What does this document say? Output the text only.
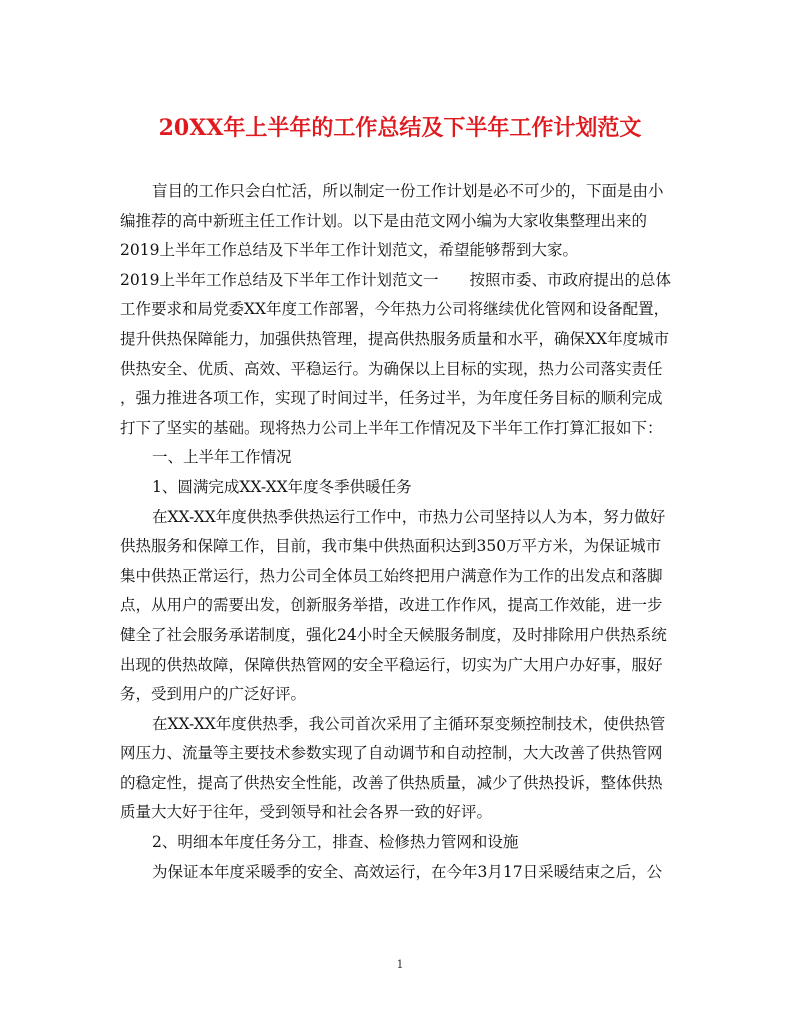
20XX年上半年的工作总结及下半年工作计划范文
盲目的工作只会白忙活，所以制定一份工作计划是必不可少的，下面是由小
编推荐的高中新班主任工作计划。以下是由范文网小编为大家收集整理出来的
2019上半年工作总结及下半年工作计划范文，希望能够帮到大家。
2019上半年工作总结及下半年工作计划范文一　　按照市委、市政府提出的总体
工作要求和局党委XX年度工作部署，今年热力公司将继续优化管网和设备配置，
提升供热保障能力，加强供热管理，提高供热服务质量和水平，确保XX年度城市
供热安全、优质、高效、平稳运行。为确保以上目标的实现，热力公司落实责任
，强力推进各项工作，实现了时间过半，任务过半，为年度任务目标的顺利完成
打下了坚实的基础。现将热力公司上半年工作情况及下半年工作打算汇报如下：
一、上半年工作情况
1、圆满完成XX-XX年度冬季供暖任务
在XX-XX年度供热季供热运行工作中，市热力公司坚持以人为本，努力做好
供热服务和保障工作，目前，我市集中供热面积达到350万平方米，为保证城市
集中供热正常运行，热力公司全体员工始终把用户满意作为工作的出发点和落脚
点，从用户的需要出发，创新服务举措，改进工作作风，提高工作效能，进一步
健全了社会服务承诺制度，强化24小时全天候服务制度，及时排除用户供热系统
出现的供热故障，保障供热管网的安全平稳运行，切实为广大用户办好事，服好
务，受到用户的广泛好评。
在XX-XX年度供热季，我公司首次采用了主循环泵变频控制技术，使供热管
网压力、流量等主要技术参数实现了自动调节和自动控制，大大改善了供热管网
的稳定性，提高了供热安全性能，改善了供热质量，减少了供热投诉，整体供热
质量大大好于往年，受到领导和社会各界一致的好评。
2、明细本年度任务分工，排查、检修热力管网和设施
为保证本年度采暖季的安全、高效运行，在今年3月17日采暖结束之后，公
1
